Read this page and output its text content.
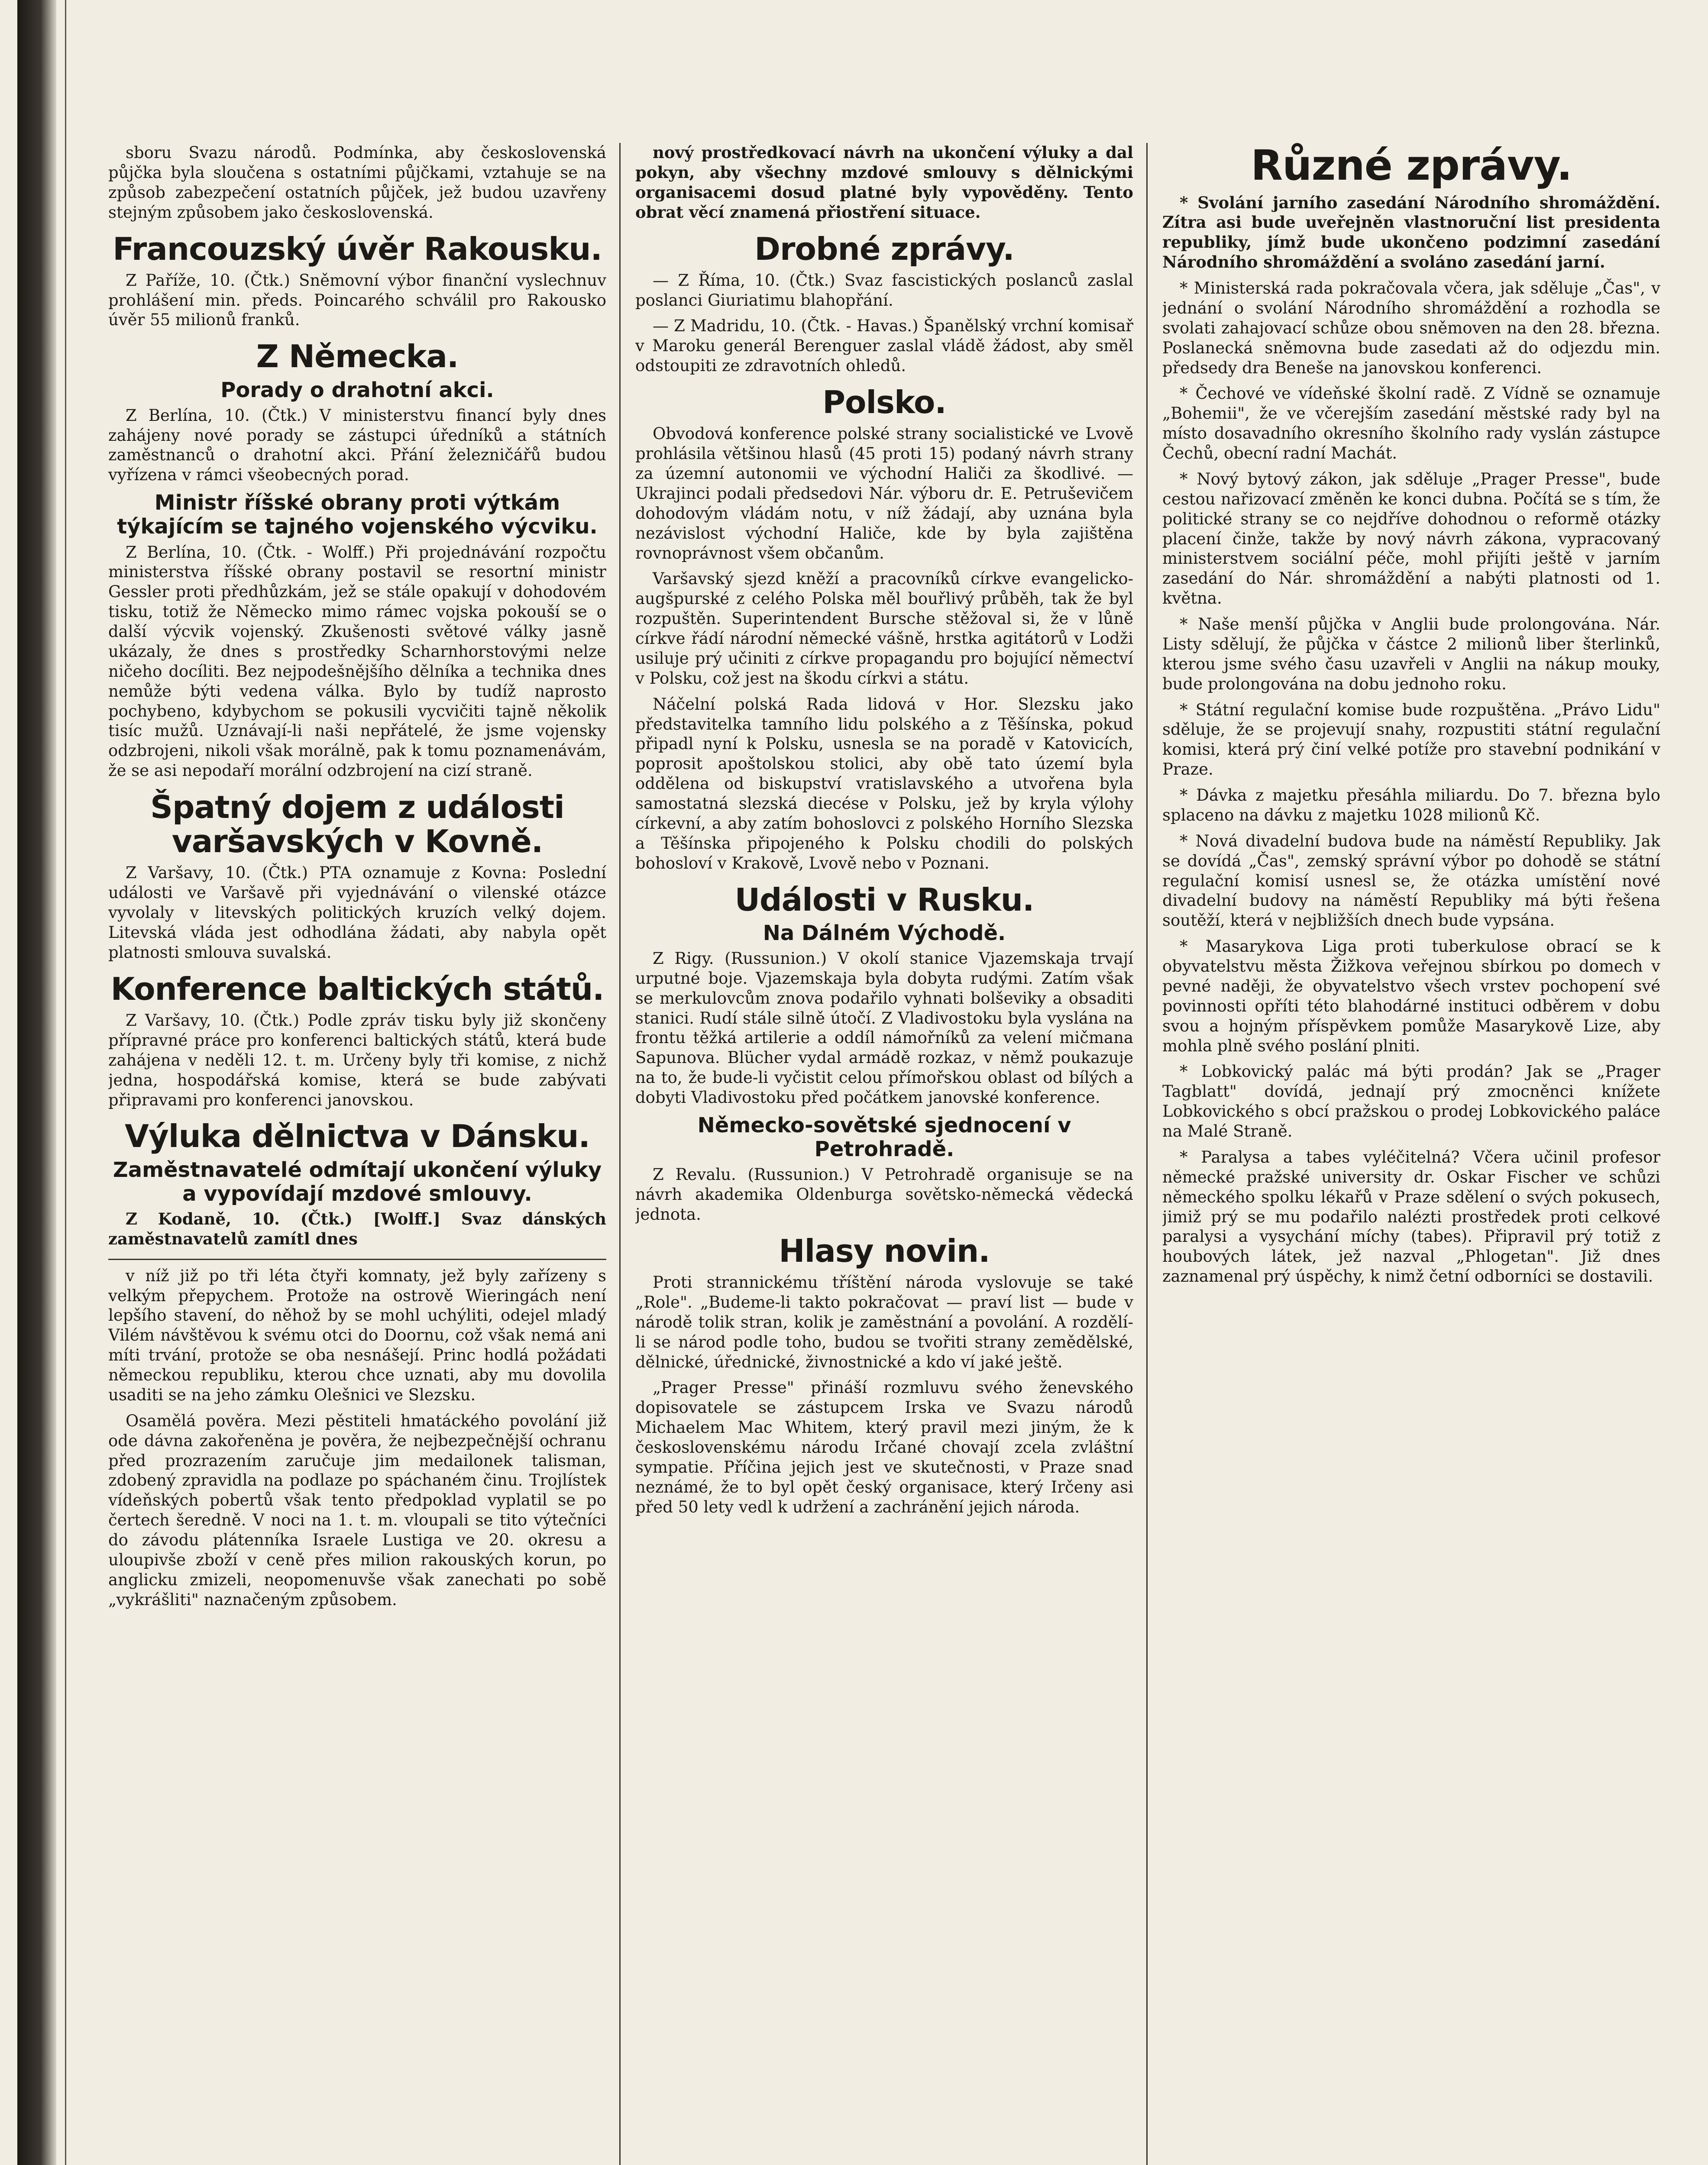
sboru Svazu národů. Podmínka, aby československá půjčka byla sloučena s ostatními půjčkami, vztahuje se na způsob zabezpečení ostatních půjček, jež budou uzavřeny stejným způsobem jako československá.

Francouzský úvěr Rakousku.

Z Paříže, 10. (Čtk.) Sněmovní výbor finanční vyslechnuv prohlášení min. předs. Poincarého schválil pro Rakousko úvěr 55 milionů franků.

Z Německa.
Porady o drahotní akci.

Z Berlína, 10. (Čtk.) V ministerstvu financí byly dnes zahájeny nové porady se zástupci úředníků a státních zaměstnanců o drahotní akci. Přání železničářů budou vyřízena v rámci všeobecných porad.

Ministr říšské obrany proti výtkám týkajícím se tajného vojenského výcviku.

Z Berlína, 10. (Čtk. - Wolff.) Při projednávání rozpočtu ministerstva říšské obrany postavil se resortní ministr Gessler proti předhůzkám, jež se stále opakují v dohodovém tisku, totiž že Německo mimo rámec vojska pokouší se o další výcvik vojenský. Zkušenosti světové války jasně ukázaly, že dnes s prostředky Scharnhorstovými nelze ničeho docíliti. Bez nejpodešnějšího dělníka a technika dnes nemůže býti vedena válka. Bylo by tudíž naprosto pochybeno, kdybychom se pokusili vycvičiti tajně několik tisíc mužů. Uznávají-li naši nepřátelé, že jsme vojensky odzbrojeni, nikoli však morálně, pak k tomu poznamenávám, že se asi nepodaří morální odzbrojení na cizí straně.

Špatný dojem z události varšavských v Kovně.

Z Varšavy, 10. (Čtk.) PTA oznamuje z Kovna: Poslední události ve Varšavě při vyjednávání o vilenské otázce vyvolaly v litevských politických kruzích velký dojem. Litevská vláda jest odhodlána žádati, aby nabyla opět platnosti smlouva suvalská.

Konference baltických států.

Z Varšavy, 10. (Čtk.) Podle zpráv tisku byly již skončeny přípravné práce pro konferenci baltických států, která bude zahájena v neděli 12. t. m. Určeny byly tři komise, z nichž jedna, hospodářská komise, která se bude zabývati připravami pro konferenci janovskou.

Výluka dělnictva v Dánsku.
Zaměstnavatelé odmítají ukončení výluky a vypovídají mzdové smlouvy.

Z Kodaně, 10. (Čtk.) [Wolff.] Svaz dánských zaměstnavatelů zamítl dnes

v níž již po tři léta čtyři komnaty, jež byly zařízeny s velkým přepychem. Protože na ostrově Wieringách není lepšího stavení, do něhož by se mohl uchýliti, odejel mladý Vilém návštěvou k svému otci do Doornu, což však nemá ani míti trvání, protože se oba nesnášejí. Princ hodlá požádati německou republiku, kterou chce uznati, aby mu dovolila usaditi se na jeho zámku Olešnici ve Slezsku.

Osamělá pověra. Mezi pěstiteli hmatáckého povolání již ode dávna zakořeněna je pověra, že nejbezpečnější ochranu před prozrazením zaručuje jim medailonek talisman, zdobený zpravidla na podlaze po spáchaném činu. Trojlístek vídeňských pobertů však tento předpoklad vyplatil se po čertech šeredně. V noci na 1. t. m. vloupali se tito výtečníci do závodu plátenníka Israele Lustiga ve 20. okresu a uloupivše zboží v ceně přes milion rakouských korun, po anglicku zmizeli, neopomenuvše však zanechati po sobě „vykrášliti" naznačeným způsobem.

nový prostředkovací návrh na ukončení výluky a dal pokyn, aby všechny mzdové smlouvy s dělnickými organisacemi dosud platné byly vypověděny. Tento obrat věcí znamená přiostření situace.

Drobné zprávy.

— Z Říma, 10. (Čtk.) Svaz fascistických poslanců zaslal poslanci Giuriatimu blahopřání.

— Z Madridu, 10. (Čtk. - Havas.) Španělský vrchní komisař v Maroku generál Berenguer zaslal vládě žádost, aby směl odstoupiti ze zdravotních ohledů.

Polsko.

Obvodová konference polské strany socialistické ve Lvově prohlásila většinou hlasů (45 proti 15) podaný návrh strany za územní autonomii ve východní Haliči za škodlivé. — Ukrajinci podali předsedovi Nár. výboru dr. E. Petruševičem dohodovým vládám notu, v níž žádají, aby uznána byla nezávislost východní Haliče, kde by byla zajištěna rovnoprávnost všem občanům.

Varšavský sjezd kněží a pracovníků církve evangelicko-augšpurské z celého Polska měl bouřlivý průběh, tak že byl rozpuštěn. Superintendent Bursche stěžoval si, že v lůně církve řádí národní německé vášně, hrstka agitátorů v Lodži usiluje prý učiniti z církve propagandu pro bojující němectví v Polsku, což jest na škodu církvi a státu.

Náčelní polská Rada lidová v Hor. Slezsku jako představitelka tamního lidu polského a z Těšínska, pokud připadl nyní k Polsku, usnesla se na poradě v Katovicích, poprosit apoštolskou stolici, aby obě tato území byla oddělena od biskupství vratislavského a utvořena byla samostatná slezská diecése v Polsku, jež by kryla výlohy církevní, a aby zatím bohoslovci z polského Horního Slezska a Těšínska připojeného k Polsku chodili do polských bohosloví v Krakově, Lvově nebo v Poznani.

Události v Rusku.
Na Dálném Východě.

Z Rigy. (Russunion.) V okolí stanice Vjazemskaja trvají urputné boje. Vjazemskaja byla dobyta rudými. Zatím však se merkulovcům znova podařilo vyhnati bolševiky a obsaditi stanici. Rudí stále silně útočí. Z Vladivostoku byla vyslána na frontu těžká artilerie a oddíl námořníků za velení mičmana Sapunova. Blücher vydal armádě rozkaz, v němž poukazuje na to, že bude-li vyčistit celou přímořskou oblast od bílých a dobyti Vladivostoku před počátkem janovské konference.

Německo-sovětské sjednocení v Petrohradě.

Z Revalu. (Russunion.) V Petrohradě organisuje se na návrh akademika Oldenburga sovětsko-německá vědecká jednota.

Hlasy novin.

Proti strannickému tříštění národa vyslovuje se také „Role". „Budeme-li takto pokračovat — praví list — bude v národě tolik stran, kolik je zaměstnání a povolání. A rozdělí-li se národ podle toho, budou se tvořiti strany zemědělské, dělnické, úřednické, živnostnické a kdo ví jaké ještě.

„Prager Presse" přináší rozmluvu svého ženevského dopisovatele se zástupcem Irska ve Svazu národů Michaelem Mac Whitem, který pravil mezi jiným, že k československému národu Irčané chovají zcela zvláštní sympatie. Příčina jejich jest ve skutečnosti, v Praze snad neznámé, že to byl opět český organisace, který Irčeny asi před 50 lety vedl k udržení a zachránění jejich národa.

Různé zprávy.

* Svolání jarního zasedání Národního shromáždění. Zítra asi bude uveřejněn vlastnoruční list presidenta republiky, jímž bude ukončeno podzimní zasedání Národního shromáždění a svoláno zasedání jarní.

* Ministerská rada pokračovala včera, jak sděluje „Čas", v jednání o svolání Národního shromáždění a rozhodla se svolati zahajovací schůze obou sněmoven na den 28. března. Poslanecká sněmovna bude zasedati až do odjezdu min. předsedy dra Beneše na janovskou konferenci.

* Čechové ve vídeňské školní radě. Z Vídně se oznamuje „Bohemii", že ve včerejším zasedání městské rady byl na místo dosavadního okresního školního rady vyslán zástupce Čechů, obecní radní Machát.

* Nový bytový zákon, jak sděluje „Prager Presse", bude cestou nařizovací změněn ke konci dubna. Počítá se s tím, že politické strany se co nejdříve dohodnou o reformě otázky placení činže, takže by nový návrh zákona, vypracovaný ministerstvem sociální péče, mohl přijíti ještě v jarním zasedání do Nár. shromáždění a nabýti platnosti od 1. května.

* Naše menší půjčka v Anglii bude prolongována. Nár. Listy sdělují, že půjčka v částce 2 milionů liber šterlinků, kterou jsme svého času uzavřeli v Anglii na nákup mouky, bude prolongována na dobu jednoho roku.

* Státní regulační komise bude rozpuštěna. „Právo Lidu" sděluje, že se projevují snahy, rozpustiti státní regulační komisi, která prý činí velké potíže pro stavební podnikání v Praze.

* Dávka z majetku přesáhla miliardu. Do 7. března bylo splaceno na dávku z majetku 1028 milionů Kč.

* Nová divadelní budova bude na náměstí Republiky. Jak se dovídá „Čas", zemský správní výbor po dohodě se státní regulační komisí usnesl se, že otázka umístění nové divadelní budovy na náměstí Republiky má býti řešena soutěží, která v nejbližších dnech bude vypsána.

* Masarykova Liga proti tuberkulose obrací se k obyvatelstvu města Žižkova veřejnou sbírkou po domech v pevné naději, že obyvatelstvo všech vrstev pochopení své povinnosti opříti této blahodárné instituci odběrem v dobu svou a hojným příspěvkem pomůže Masarykově Lize, aby mohla plně svého poslání plniti.

* Lobkovický palác má býti prodán? Jak se „Prager Tagblatt" dovídá, jednají prý zmocněnci knížete Lobkovického s obcí pražskou o prodej Lobkovického paláce na Malé Straně.

* Paralysa a tabes vyléčitelná? Včera učinil profesor německé pražské university dr. Oskar Fischer ve schůzi německého spolku lékařů v Praze sdělení o svých pokusech, jimiž prý se mu podařilo nalézti prostředek proti celkové paralysi a vysychání míchy (tabes). Připravil prý totiž z houbových látek, jež nazval „Phlogetan". Již dnes zaznamenal prý úspěchy, k nimž četní odborníci se dostavili.
